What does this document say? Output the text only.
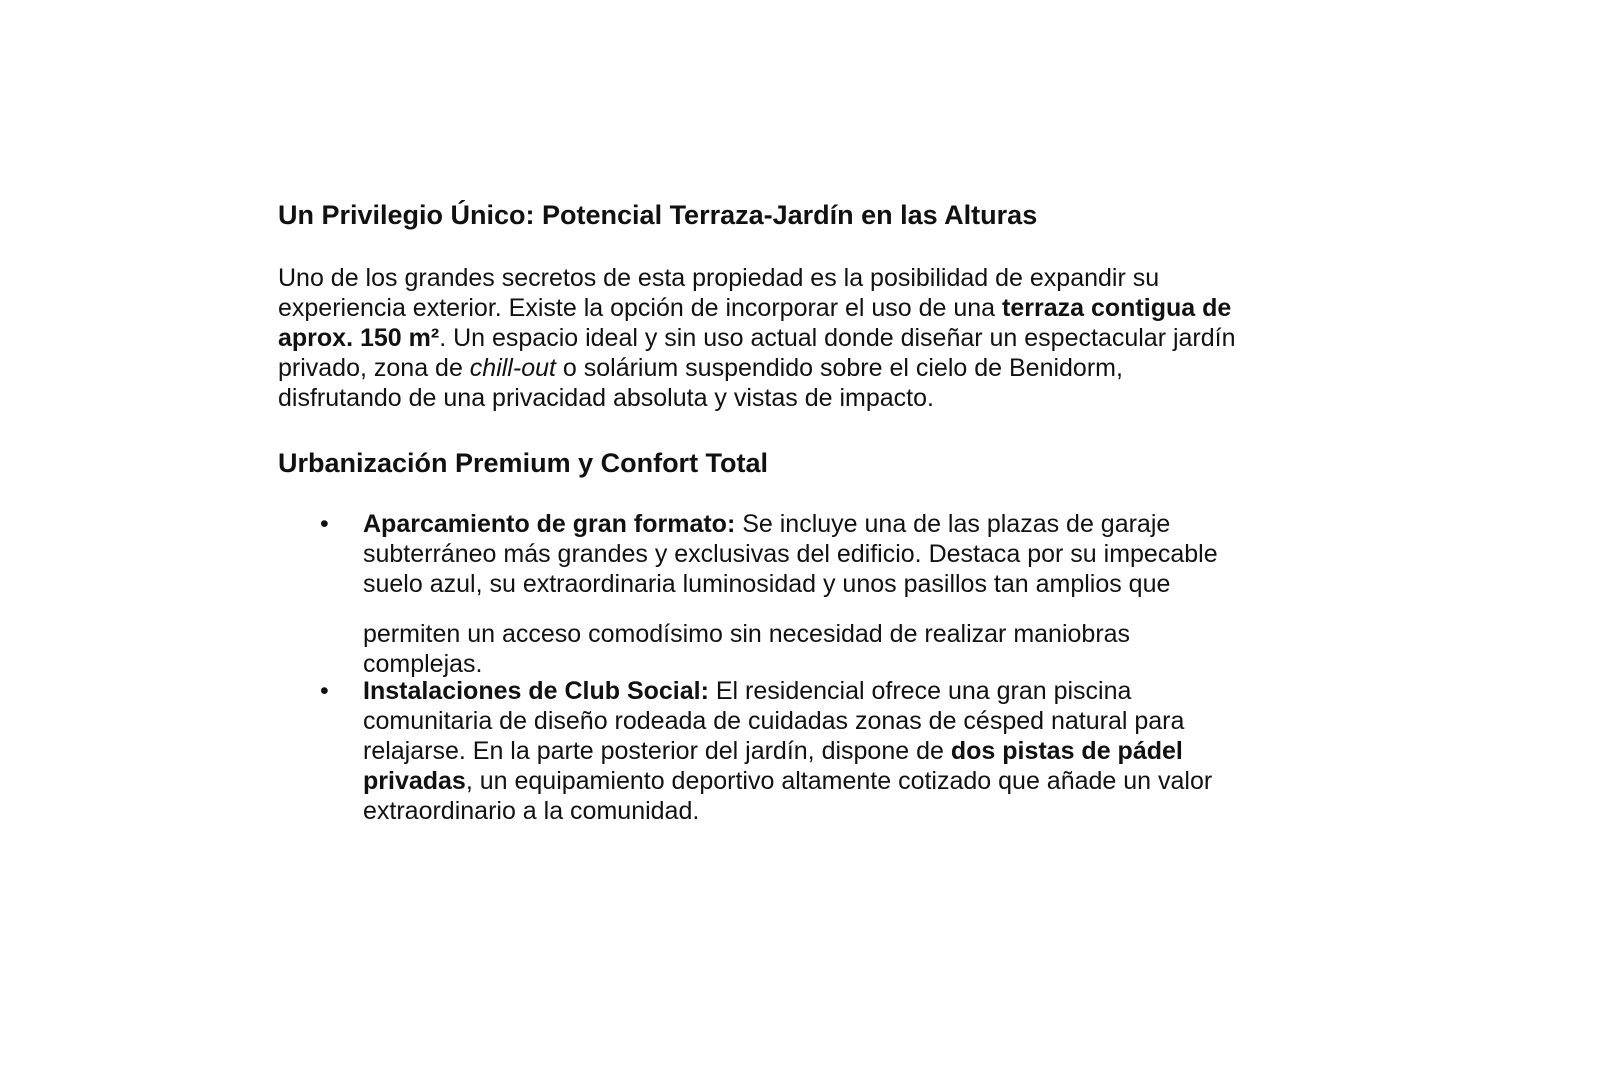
Un Privilegio Único: Potencial Terraza-Jardín en las Alturas
Uno de los grandes secretos de esta propiedad es la posibilidad de expandir su
experiencia exterior. Existe la opción de incorporar el uso de una terraza contigua de
aprox. 150 m². Un espacio ideal y sin uso actual donde diseñar un espectacular jardín
privado, zona de chill-out o solárium suspendido sobre el cielo de Benidorm,
disfrutando de una privacidad absoluta y vistas de impacto.
Urbanización Premium y Confort Total
•	Aparcamiento de gran formato: Se incluye una de las plazas de garaje
subterráneo más grandes y exclusivas del edificio. Destaca por su impecable
suelo azul, su extraordinaria luminosidad y unos pasillos tan amplios que
permiten un acceso comodísimo sin necesidad de realizar maniobras
complejas.
•	Instalaciones de Club Social: El residencial ofrece una gran piscina
comunitaria de diseño rodeada de cuidadas zonas de césped natural para
relajarse. En la parte posterior del jardín, dispone de dos pistas de pádel
privadas, un equipamiento deportivo altamente cotizado que añade un valor
extraordinario a la comunidad.
